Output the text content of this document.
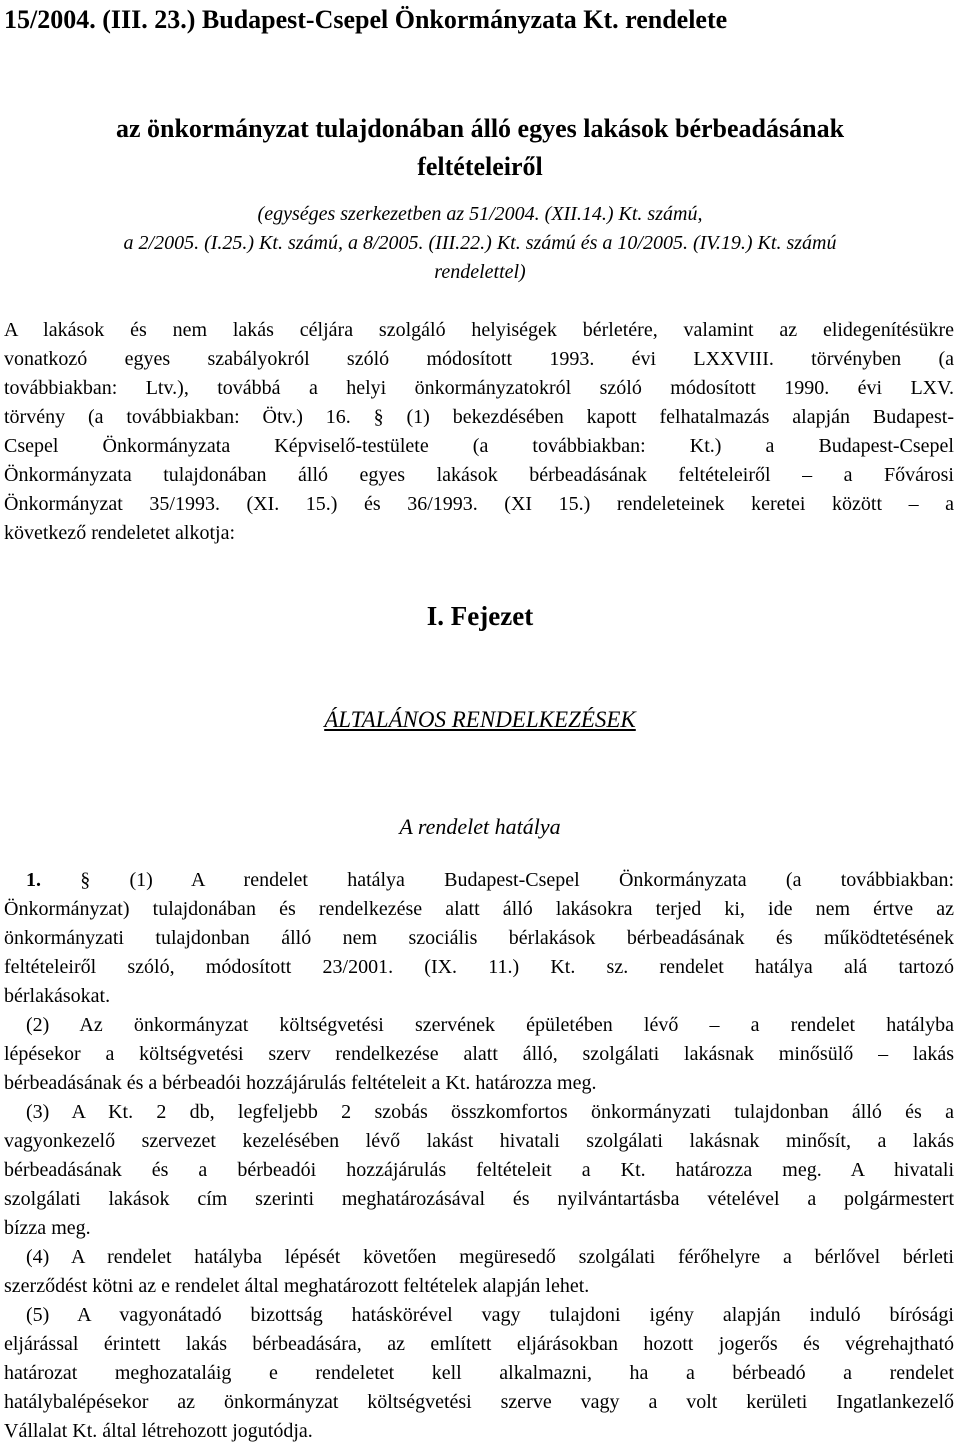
15/2004. (III. 23.) Budapest-Csepel Önkormányzata Kt. rendelete
az önkormányzat tulajdonában álló egyes lakások bérbeadásának
feltételeiről
(egységes szerkezetben az 51/2004. (XII.14.) Kt. számú,
a 2/2005. (I.25.) Kt. számú, a 8/2005. (III.22.) Kt. számú és a 10/2005. (IV.19.) Kt. számú
rendelettel)
A lakások és nem lakás céljára szolgáló helyiségek bérletére, valamint az elidegenítésükre
vonatkozó egyes szabályokról szóló módosított 1993. évi LXXVIII. törvényben (a
továbbiakban: Ltv.), továbbá a helyi önkormányzatokról szóló módosított 1990. évi LXV.
törvény (a továbbiakban: Ötv.) 16. § (1) bekezdésében kapott felhatalmazás alapján Budapest-
Csepel Önkormányzata Képviselő-testülete (a továbbiakban: Kt.) a Budapest-Csepel
Önkormányzata tulajdonában álló egyes lakások bérbeadásának feltételeiről – a Fővárosi
Önkormányzat 35/1993. (XI. 15.) és 36/1993. (XI 15.) rendeleteinek keretei között – a
következő rendeletet alkotja:
I. Fejezet
ÁLTALÁNOS RENDELKEZÉSEK
A rendelet hatálya
1. § (1) A rendelet hatálya Budapest-Csepel Önkormányzata (a továbbiakban:
Önkormányzat) tulajdonában és rendelkezése alatt álló lakásokra terjed ki, ide nem értve az
önkormányzati tulajdonban álló nem szociális bérlakások bérbeadásának és működtetésének
feltételeiről szóló, módosított 23/2001. (IX. 11.) Kt. sz. rendelet hatálya alá tartozó
bérlakásokat.
(2) Az önkormányzat költségvetési szervének épületében lévő – a rendelet hatályba
lépésekor a költségvetési szerv rendelkezése alatt álló, szolgálati lakásnak minősülő – lakás
bérbeadásának és a bérbeadói hozzájárulás feltételeit a Kt. határozza meg.
(3) A Kt. 2 db, legfeljebb 2 szobás összkomfortos önkormányzati tulajdonban álló és a
vagyonkezelő szervezet kezelésében lévő lakást hivatali szolgálati lakásnak minősít, a lakás
bérbeadásának és a bérbeadói hozzájárulás feltételeit a Kt. határozza meg. A hivatali
szolgálati lakások cím szerinti meghatározásával és nyilvántartásba vételével a polgármestert
bízza meg.
(4) A rendelet hatályba lépését követően megüresedő szolgálati férőhelyre a bérlővel bérleti
szerződést kötni az e rendelet által meghatározott feltételek alapján lehet.
(5) A vagyonátadó bizottság hatáskörével vagy tulajdoni igény alapján induló bírósági
eljárással érintett lakás bérbeadására, az említett eljárásokban hozott jogerős és végrehajtható
határozat meghozataláig e rendeletet kell alkalmazni, ha a bérbeadó a rendelet
hatálybalépésekor az önkormányzat költségvetési szerve vagy a volt kerületi Ingatlankezelő
Vállalat Kt. által létrehozott jogutódja.
